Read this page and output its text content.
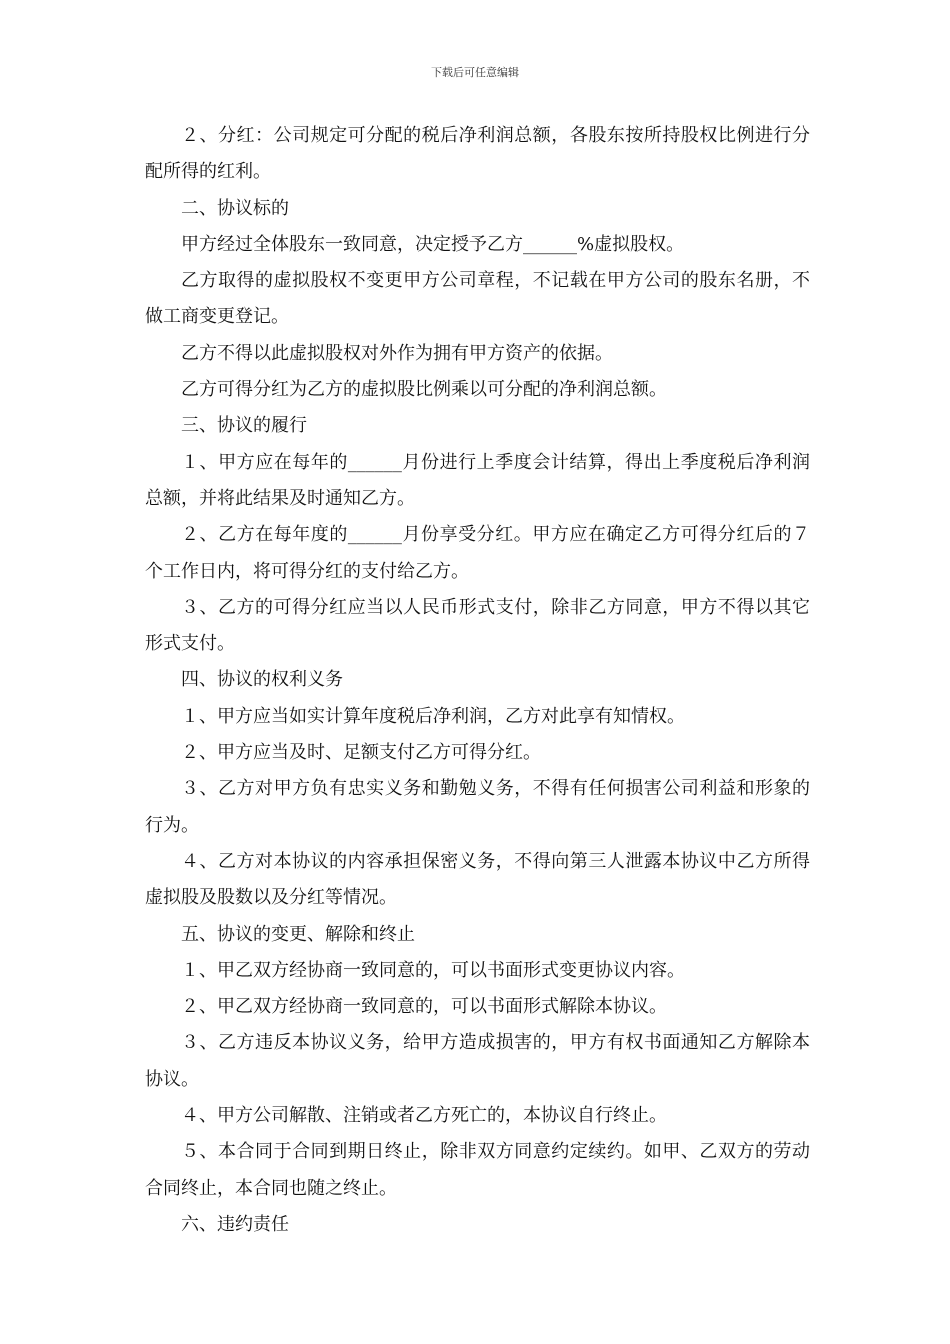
下载后可任意编辑

２、分红：公司规定可分配的税后净利润总额，各股东按所持股权比例进行分配所得的红利。

二、协议标的

甲方经过全体股东一致同意，决定授予乙方______%虚拟股权。

乙方取得的虚拟股权不变更甲方公司章程，不记载在甲方公司的股东名册，不做工商变更登记。

乙方不得以此虚拟股权对外作为拥有甲方资产的依据。

乙方可得分红为乙方的虚拟股比例乘以可分配的净利润总额。

三、协议的履行

１、甲方应在每年的______月份进行上季度会计结算，得出上季度税后净利润总额，并将此结果及时通知乙方。

２、乙方在每年度的______月份享受分红。甲方应在确定乙方可得分红后的７个工作日内，将可得分红的支付给乙方。

３、乙方的可得分红应当以人民币形式支付，除非乙方同意，甲方不得以其它形式支付。

四、协议的权利义务

１、甲方应当如实计算年度税后净利润，乙方对此享有知情权。

２、甲方应当及时、足额支付乙方可得分红。

３、乙方对甲方负有忠实义务和勤勉义务，不得有任何损害公司利益和形象的行为。

４、乙方对本协议的内容承担保密义务，不得向第三人泄露本协议中乙方所得虚拟股及股数以及分红等情况。

五、协议的变更、解除和终止

１、甲乙双方经协商一致同意的，可以书面形式变更协议内容。

２、甲乙双方经协商一致同意的，可以书面形式解除本协议。

３、乙方违反本协议义务，给甲方造成损害的，甲方有权书面通知乙方解除本协议。

４、甲方公司解散、注销或者乙方死亡的，本协议自行终止。

５、本合同于合同到期日终止，除非双方同意约定续约。如甲、乙双方的劳动合同终止，本合同也随之终止。

六、违约责任
